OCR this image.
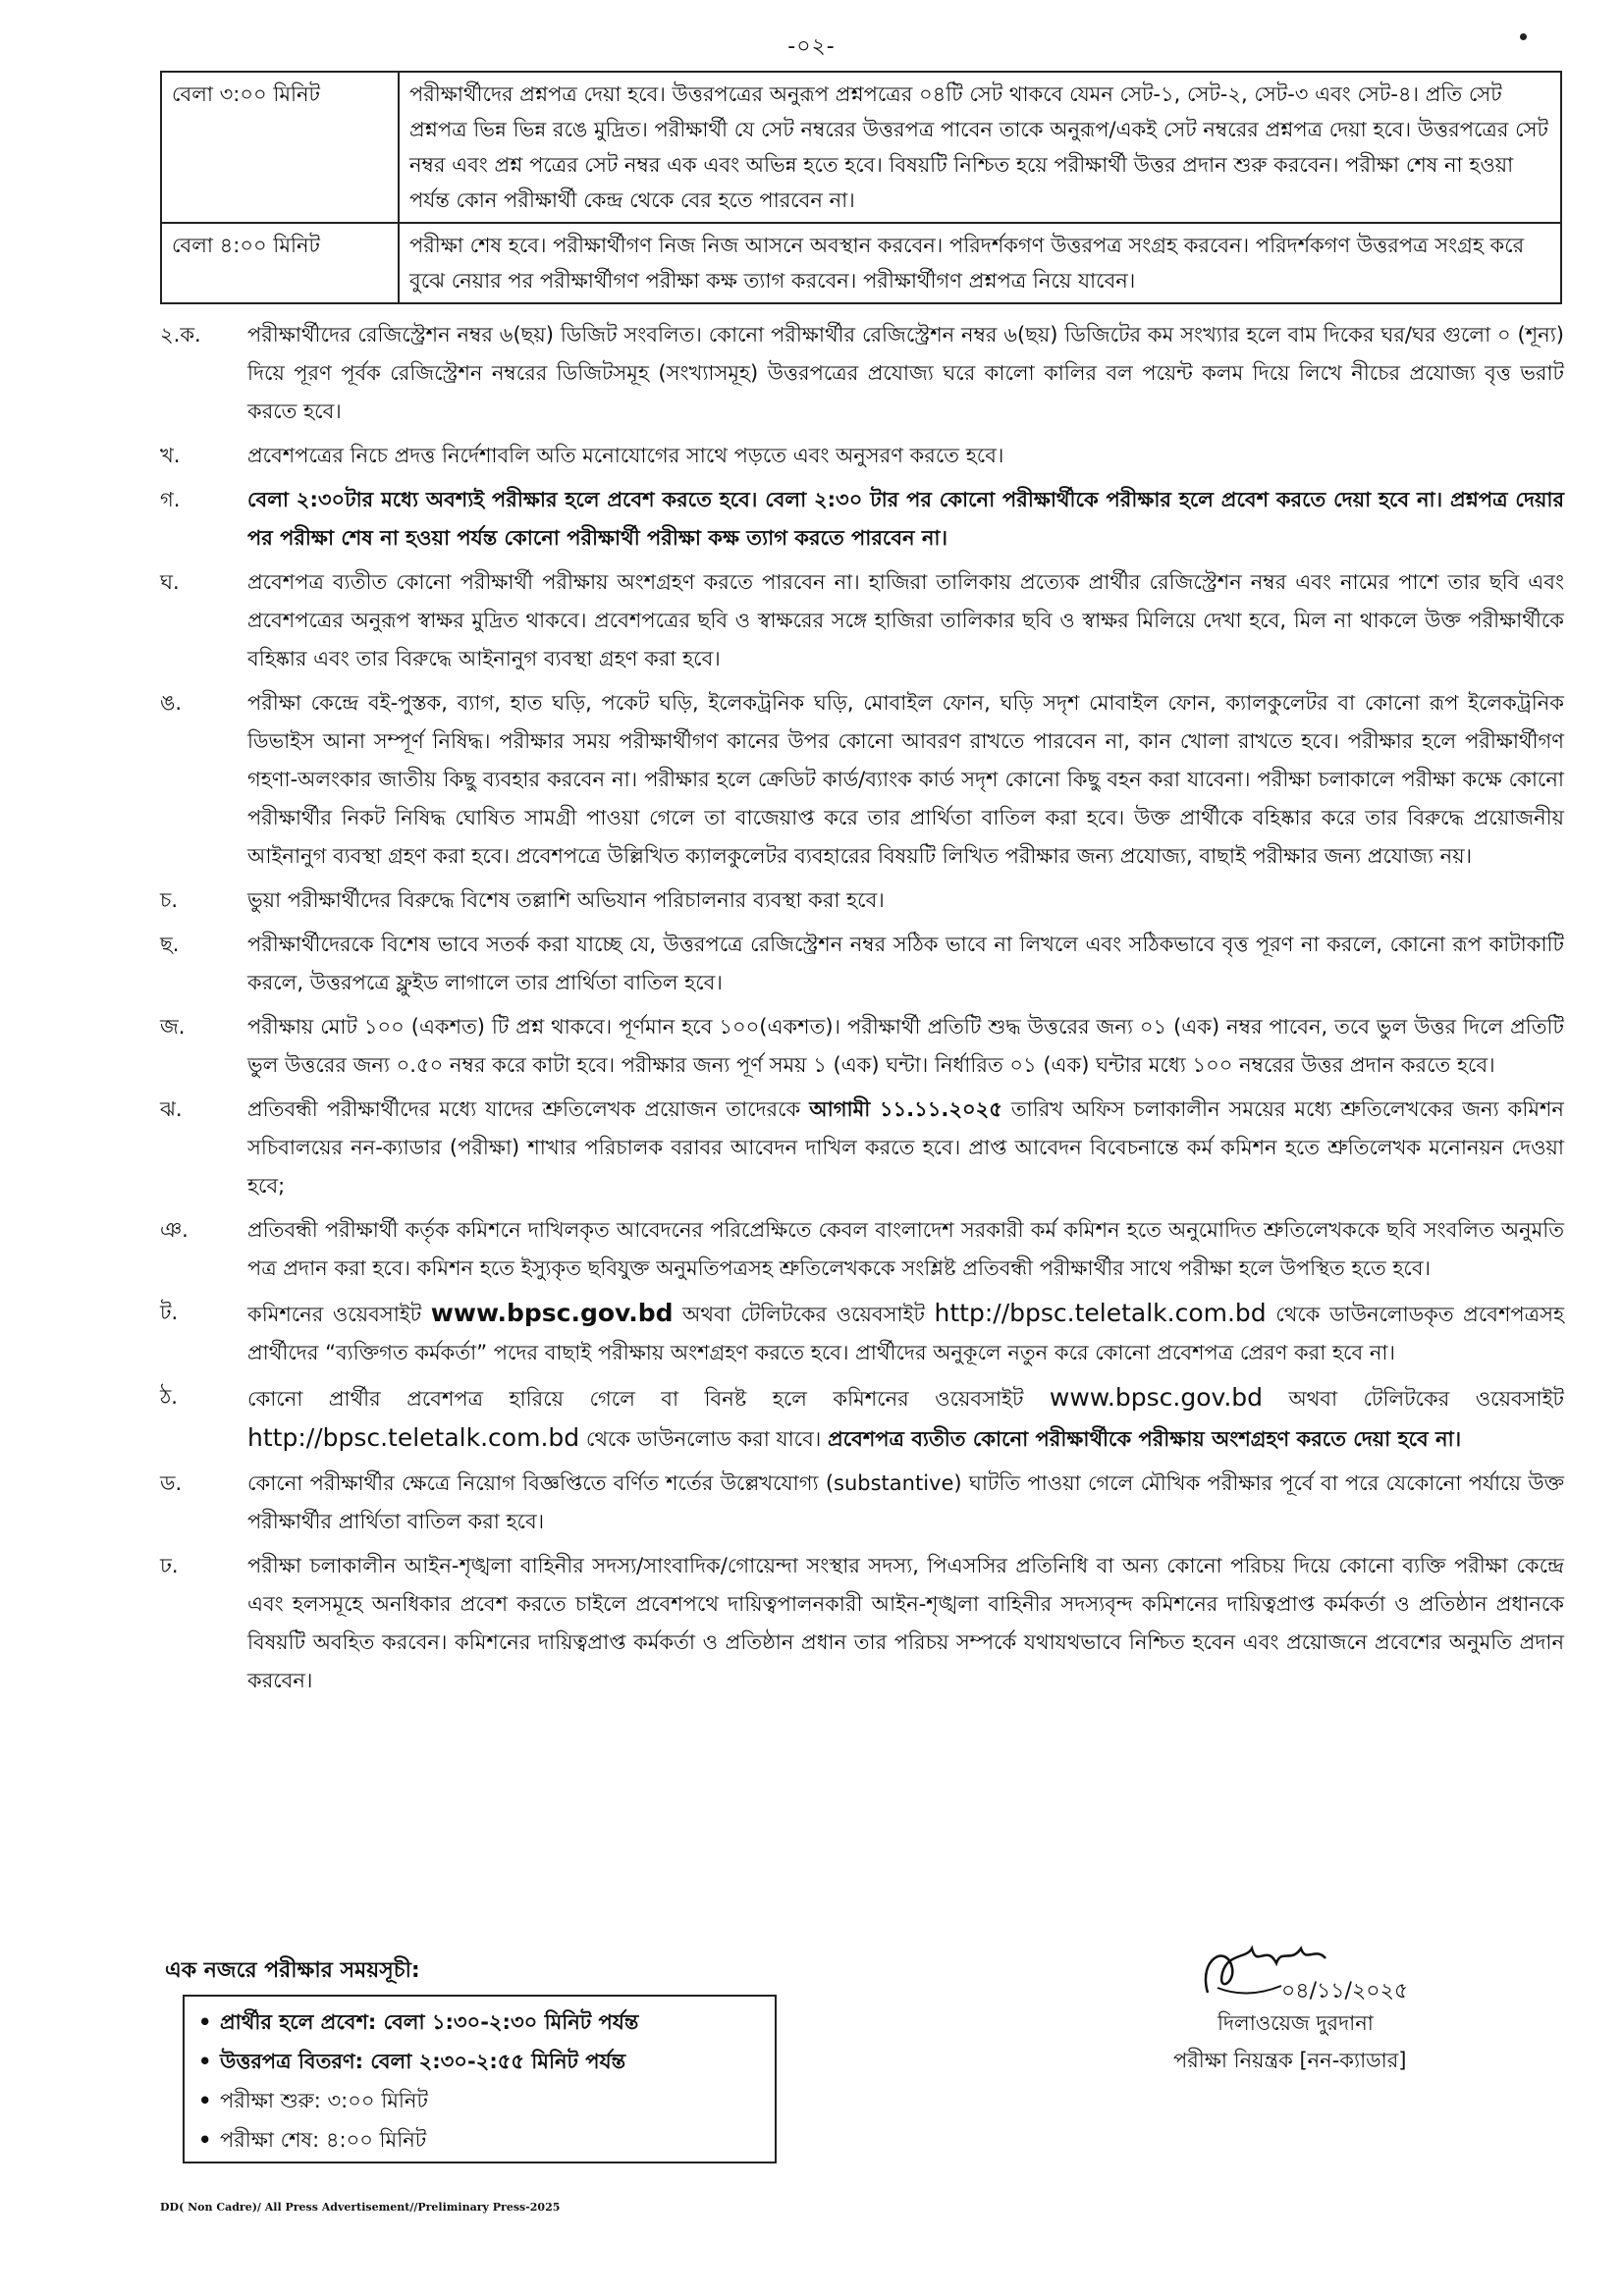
-০২-
বেলা ৩:০০ মিনিট	পরীক্ষার্থীদের প্রশ্নপত্র দেয়া হবে। উত্তরপত্রের অনুরূপ প্রশ্নপত্রের ০৪টি সেট থাকবে যেমন সেট-১, সেট-২, সেট-৩ এবং সেট-৪। প্রতি সেট প্রশ্নপত্র ভিন্ন ভিন্ন রঙে মুদ্রিত। পরীক্ষার্থী যে সেট নম্বরের উত্তরপত্র পাবেন তাকে অনুরূপ/একই সেট নম্বরের প্রশ্নপত্র দেয়া হবে। উত্তরপত্রের সেট নম্বর এবং প্রশ্ন পত্রের সেট নম্বর এক এবং অভিন্ন হতে হবে। বিষয়টি নিশ্চিত হয়ে পরীক্ষার্থী উত্তর প্রদান শুরু করবেন। পরীক্ষা শেষ না হওয়া পর্যন্ত কোন পরীক্ষার্থী কেন্দ্র থেকে বের হতে পারবেন না।
বেলা ৪:০০ মিনিট	পরীক্ষা শেষ হবে। পরীক্ষার্থীগণ নিজ নিজ আসনে অবস্থান করবেন। পরিদর্শকগণ উত্তরপত্র সংগ্রহ করবেন। পরিদর্শকগণ উত্তরপত্র সংগ্রহ করে বুঝে নেয়ার পর পরীক্ষার্থীগণ পরীক্ষা কক্ষ ত্যাগ করবেন। পরীক্ষার্থীগণ প্রশ্নপত্র নিয়ে যাবেন।
২.ক.	পরীক্ষার্থীদের রেজিস্ট্রেশন নম্বর ৬(ছয়) ডিজিট সংবলিত। কোনো পরীক্ষার্থীর রেজিস্ট্রেশন নম্বর ৬(ছয়) ডিজিটের কম সংখ্যার হলে বাম দিকের ঘর/ঘর গুলো ০ (শূন্য) দিয়ে পূরণ পূর্বক রেজিস্ট্রেশন নম্বরের ডিজিটসমূহ (সংখ্যাসমূহ) উত্তরপত্রের প্রযোজ্য ঘরে কালো কালির বল পয়েন্ট কলম দিয়ে লিখে নীচের প্রযোজ্য বৃত্ত ভরাট করতে হবে।
খ.	প্রবেশপত্রের নিচে প্রদত্ত নির্দেশাবলি অতি মনোযোগের সাথে পড়তে এবং অনুসরণ করতে হবে।
গ.	বেলা ২:৩০টার মধ্যে অবশ্যই পরীক্ষার হলে প্রবেশ করতে হবে। বেলা ২:৩০ টার পর কোনো পরীক্ষার্থীকে পরীক্ষার হলে প্রবেশ করতে দেয়া হবে না। প্রশ্নপত্র দেয়ার পর পরীক্ষা শেষ না হওয়া পর্যন্ত কোনো পরীক্ষার্থী পরীক্ষা কক্ষ ত্যাগ করতে পারবেন না।
ঘ.	প্রবেশপত্র ব্যতীত কোনো পরীক্ষার্থী পরীক্ষায় অংশগ্রহণ করতে পারবেন না। হাজিরা তালিকায় প্রত্যেক প্রার্থীর রেজিস্ট্রেশন নম্বর এবং নামের পাশে তার ছবি এবং প্রবেশপত্রের অনুরূপ স্বাক্ষর মুদ্রিত থাকবে। প্রবেশপত্রের ছবি ও স্বাক্ষরের সঙ্গে হাজিরা তালিকার ছবি ও স্বাক্ষর মিলিয়ে দেখা হবে, মিল না থাকলে উক্ত পরীক্ষার্থীকে বহিষ্কার এবং তার বিরুদ্ধে আইনানুগ ব্যবস্থা গ্রহণ করা হবে।
ঙ.	পরীক্ষা কেন্দ্রে বই-পুস্তক, ব্যাগ, হাত ঘড়ি, পকেট ঘড়ি, ইলেকট্রনিক ঘড়ি, মোবাইল ফোন, ঘড়ি সদৃশ মোবাইল ফোন, ক্যালকুলেটর বা কোনো রূপ ইলেকট্রনিক ডিভাইস আনা সম্পূর্ণ নিষিদ্ধ। পরীক্ষার সময় পরীক্ষার্থীগণ কানের উপর কোনো আবরণ রাখতে পারবেন না, কান খোলা রাখতে হবে। পরীক্ষার হলে পরীক্ষার্থীগণ গহণা-অলংকার জাতীয় কিছু ব্যবহার করবেন না। পরীক্ষার হলে ক্রেডিট কার্ড/ব্যাংক কার্ড সদৃশ কোনো কিছু বহন করা যাবেনা। পরীক্ষা চলাকালে পরীক্ষা কক্ষে কোনো পরীক্ষার্থীর নিকট নিষিদ্ধ ঘোষিত সামগ্রী পাওয়া গেলে তা বাজেয়াপ্ত করে তার প্রার্থিতা বাতিল করা হবে। উক্ত প্রার্থীকে বহিষ্কার করে তার বিরুদ্ধে প্রয়োজনীয় আইনানুগ ব্যবস্থা গ্রহণ করা হবে। প্রবেশপত্রে উল্লিখিত ক্যালকুলেটর ব্যবহারের বিষয়টি লিখিত পরীক্ষার জন্য প্রযোজ্য, বাছাই পরীক্ষার জন্য প্রযোজ্য নয়।
চ.	ভুয়া পরীক্ষার্থীদের বিরুদ্ধে বিশেষ তল্লাশি অভিযান পরিচালনার ব্যবস্থা করা হবে।
ছ.	পরীক্ষার্থীদেরকে বিশেষ ভাবে সতর্ক করা যাচ্ছে যে, উত্তরপত্রে রেজিস্ট্রেশন নম্বর সঠিক ভাবে না লিখলে এবং সঠিকভাবে বৃত্ত পূরণ না করলে, কোনো রূপ কাটাকাটি করলে, উত্তরপত্রে ফ্লুইড লাগালে তার প্রার্থিতা বাতিল হবে।
জ.	পরীক্ষায় মোট ১০০ (একশত) টি প্রশ্ন থাকবে। পূর্ণমান হবে ১০০(একশত)। পরীক্ষার্থী প্রতিটি শুদ্ধ উত্তরের জন্য ০১ (এক) নম্বর পাবেন, তবে ভুল উত্তর দিলে প্রতিটি ভুল উত্তরের জন্য ০.৫০ নম্বর করে কাটা হবে। পরীক্ষার জন্য পূর্ণ সময় ১ (এক) ঘন্টা। নির্ধারিত ০১ (এক) ঘন্টার মধ্যে ১০০ নম্বরের উত্তর প্রদান করতে হবে।
ঝ.	প্রতিবন্ধী পরীক্ষার্থীদের মধ্যে যাদের শ্রুতিলেখক প্রয়োজন তাদেরকে আগামী ১১.১১.২০২৫ তারিখ অফিস চলাকালীন সময়ের মধ্যে শ্রুতিলেখকের জন্য কমিশন সচিবালয়ের নন-ক্যাডার (পরীক্ষা) শাখার পরিচালক বরাবর আবেদন দাখিল করতে হবে। প্রাপ্ত আবেদন বিবেচনান্তে কর্ম কমিশন হতে শ্রুতিলেখক মনোনয়ন দেওয়া হবে;
ঞ.	প্রতিবন্ধী পরীক্ষার্থী কর্তৃক কমিশনে দাখিলকৃত আবেদনের পরিপ্রেক্ষিতে কেবল বাংলাদেশ সরকারী কর্ম কমিশন হতে অনুমোদিত শ্রুতিলেখককে ছবি সংবলিত অনুমতি পত্র প্রদান করা হবে। কমিশন হতে ইস্যুকৃত ছবিযুক্ত অনুমতিপত্রসহ শ্রুতিলেখককে সংশ্লিষ্ট প্রতিবন্ধী পরীক্ষার্থীর সাথে পরীক্ষা হলে উপস্থিত হতে হবে।
ট.	কমিশনের ওয়েবসাইট www.bpsc.gov.bd অথবা টেলিটকের ওয়েবসাইট http://bpsc.teletalk.com.bd থেকে ডাউনলোডকৃত প্রবেশপত্রসহ প্রার্থীদের “ব্যক্তিগত কর্মকর্তা” পদের বাছাই পরীক্ষায় অংশগ্রহণ করতে হবে। প্রার্থীদের অনুকূলে নতুন করে কোনো প্রবেশপত্র প্রেরণ করা হবে না।
ঠ.	কোনো প্রার্থীর প্রবেশপত্র হারিয়ে গেলে বা বিনষ্ট হলে কমিশনের ওয়েবসাইট www.bpsc.gov.bd অথবা টেলিটকের ওয়েবসাইট http://bpsc.teletalk.com.bd থেকে ডাউনলোড করা যাবে। প্রবেশপত্র ব্যতীত কোনো পরীক্ষার্থীকে পরীক্ষায় অংশগ্রহণ করতে দেয়া হবে না।
ড.	কোনো পরীক্ষার্থীর ক্ষেত্রে নিয়োগ বিজ্ঞপ্তিতে বর্ণিত শর্তের উল্লেখযোগ্য (substantive) ঘাটতি পাওয়া গেলে মৌখিক পরীক্ষার পূর্বে বা পরে যেকোনো পর্যায়ে উক্ত পরীক্ষার্থীর প্রার্থিতা বাতিল করা হবে।
ঢ.	পরীক্ষা চলাকালীন আইন-শৃঙ্খলা বাহিনীর সদস্য/সাংবাদিক/গোয়েন্দা সংস্থার সদস্য, পিএসসির প্রতিনিধি বা অন্য কোনো পরিচয় দিয়ে কোনো ব্যক্তি পরীক্ষা কেন্দ্রে এবং হলসমূহে অনধিকার প্রবেশ করতে চাইলে প্রবেশপথে দায়িত্বপালনকারী আইন-শৃঙ্খলা বাহিনীর সদস্যবৃন্দ কমিশনের দায়িত্বপ্রাপ্ত কর্মকর্তা ও প্রতিষ্ঠান প্রধানকে বিষয়টি অবহিত করবেন। কমিশনের দায়িত্বপ্রাপ্ত কর্মকর্তা ও প্রতিষ্ঠান প্রধান তার পরিচয় সম্পর্কে যথাযথভাবে নিশ্চিত হবেন এবং প্রয়োজনে প্রবেশের অনুমতি প্রদান করবেন।
এক নজরে পরীক্ষার সময়সূচী:
• প্রার্থীর হলে প্রবেশ: বেলা ১:৩০-২:৩০ মিনিট পর্যন্ত
• উত্তরপত্র বিতরণ: বেলা ২:৩০-২:৫৫ মিনিট পর্যন্ত
• পরীক্ষা শুরু: ৩:০০ মিনিট
• পরীক্ষা শেষ: ৪:০০ মিনিট
০৪/১১/২০২৫
দিলাওয়েজ দুরদানা
পরীক্ষা নিয়ন্ত্রক [নন-ক্যাডার]
DD( Non Cadre)/ All Press Advertisement//Preliminary Press-2025
